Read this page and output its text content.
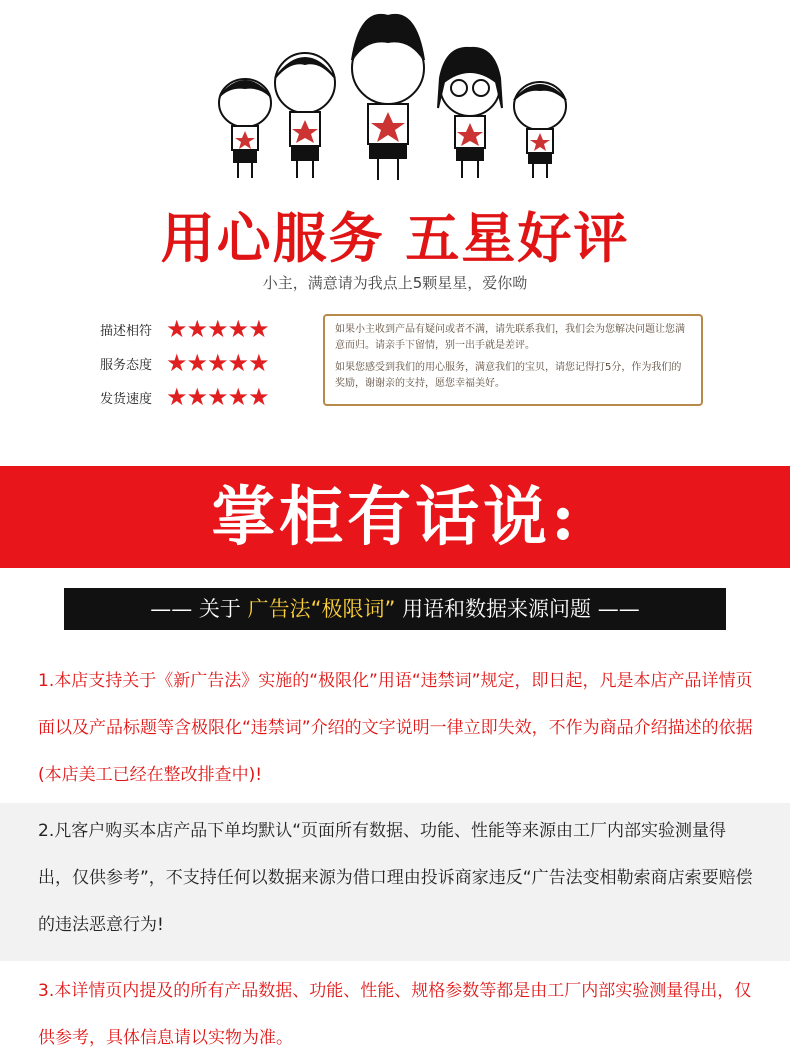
用心服务 五星好评
小主，满意请为我点上5颗星星，爱你呦
描述相符 ★★★★★
服务态度 ★★★★★
发货速度 ★★★★★

如果小主收到产品有疑问或者不满，请先联系我们，我们会为您解决问题让您满意而归。请亲手下留情，别一出手就是差评。

如果您感受到我们的用心服务，满意我们的宝贝，请您记得打5分，作为我们的奖励，谢谢亲的支持，愿您幸福美好。

掌柜有话说:
—— 关于 广告法“极限词” 用语和数据来源问题 ——
1.本店支持关于《新广告法》实施的“极限化”用语“违禁词”规定，即日起，凡是本店产品详情页面以及产品标题等含极限化“违禁词”介绍的文字说明一律立即失效，不作为商品介绍描述的依据(本店美工已经在整改排查中)!
2.凡客户购买本店产品下单均默认“页面所有数据、功能、性能等来源由工厂内部实验测量得出，仅供参考”，不支持任何以数据来源为借口理由投诉商家违反“广告法变相勒索商店索要赔偿的违法恶意行为!
3.本详情页内提及的所有产品数据、功能、性能、规格参数等都是由工厂内部实验测量得出，仅供参考，具体信息请以实物为准。
